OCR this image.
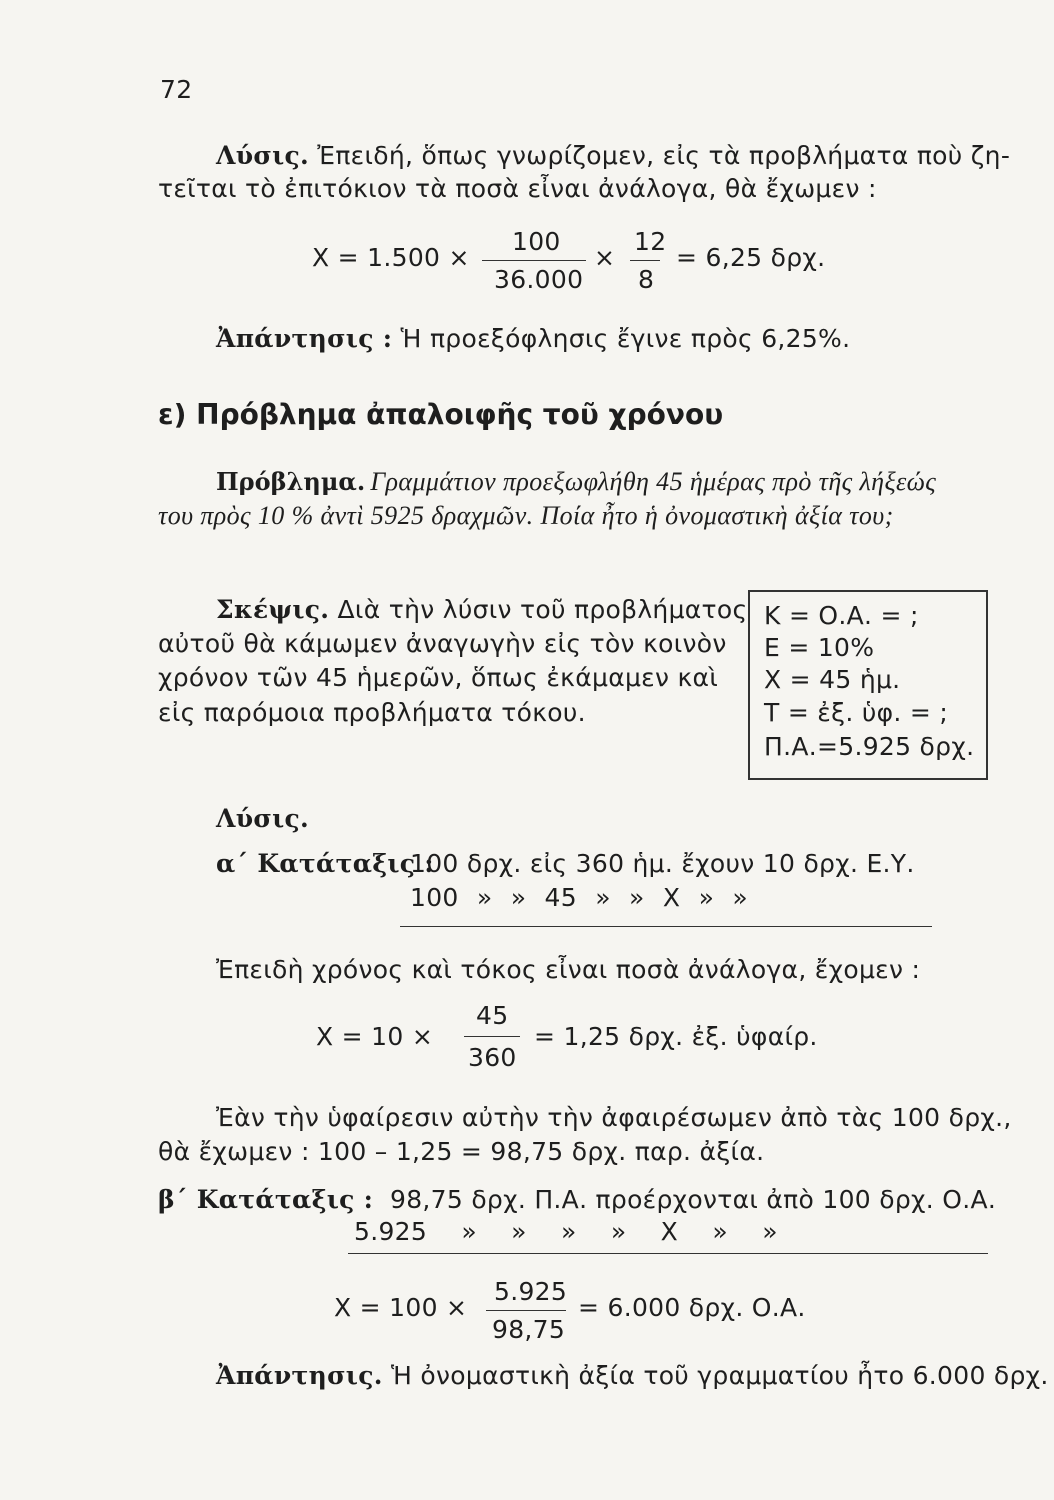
72
Λύσις. Ἐπειδή, ὅπως γνωρίζομεν, εἰς τὰ προβλήματα ποὺ ζη-
τεῖται τὸ ἐπιτόκιον τὰ ποσὰ εἶναι ἀνάλογα, θὰ ἔχωμεν :
Χ = 1.500 ×
100
36.000
×
12
8
= 6,25 δρχ.
Ἀπάντησις : Ἡ προεξόφλησις ἔγινε πρὸς 6,25%.
ε) Πρόβλημα ἀπαλοιφῆς τοῦ χρόνου
Πρόβλημα. Γραμμάτιον προεξωφλήθη 45 ἡμέρας πρὸ τῆς λήξεώς
του πρὸς 10 % ἀντὶ 5925 δραχμῶν. Ποία ἦτο ἡ ὀνομαστικὴ ἀξία του;
Σκέψις. Διὰ τὴν λύσιν τοῦ προβλήματος
αὐτοῦ θὰ κάμωμεν ἀναγωγὴν εἰς τὸν κοινὸν
χρόνον τῶν 45 ἡμερῶν, ὅπως ἐκάμαμεν καὶ
εἰς παρόμοια προβλήματα τόκου.
Κ = Ο.Α. = ;
Ε = 10%
Χ = 45 ἡμ.
Τ = ἐξ. ὑφ. = ;
Π.Α.=5.925 δρχ.
Λύσις.
α΄ Κατάταξις :
100 δρχ. εἰς 360 ἡμ. ἔχουν 10 δρχ. Ε.Υ.
100 » » 45 » » Χ » »
Ἐπειδὴ χρόνος καὶ τόκος εἶναι ποσὰ ἀνάλογα, ἔχομεν :
Χ = 10 ×
45
360
= 1,25 δρχ. ἐξ. ὑφαίρ.
Ἐὰν τὴν ὑφαίρεσιν αὐτὴν τὴν ἀφαιρέσωμεν ἀπὸ τὰς 100 δρχ.,
θὰ ἔχωμεν : 100 – 1,25 = 98,75 δρχ. παρ. ἀξία.
β΄ Κατάταξις : 98,75 δρχ. Π.Α. προέρχονται ἀπὸ 100 δρχ. Ο.Α.
5.925 » » » » Χ » »
Χ = 100 ×
5.925
98,75
= 6.000 δρχ. Ο.Α.
Ἀπάντησις. Ἡ ὀνομαστικὴ ἀξία τοῦ γραμματίου ἦτο 6.000 δρχ.
